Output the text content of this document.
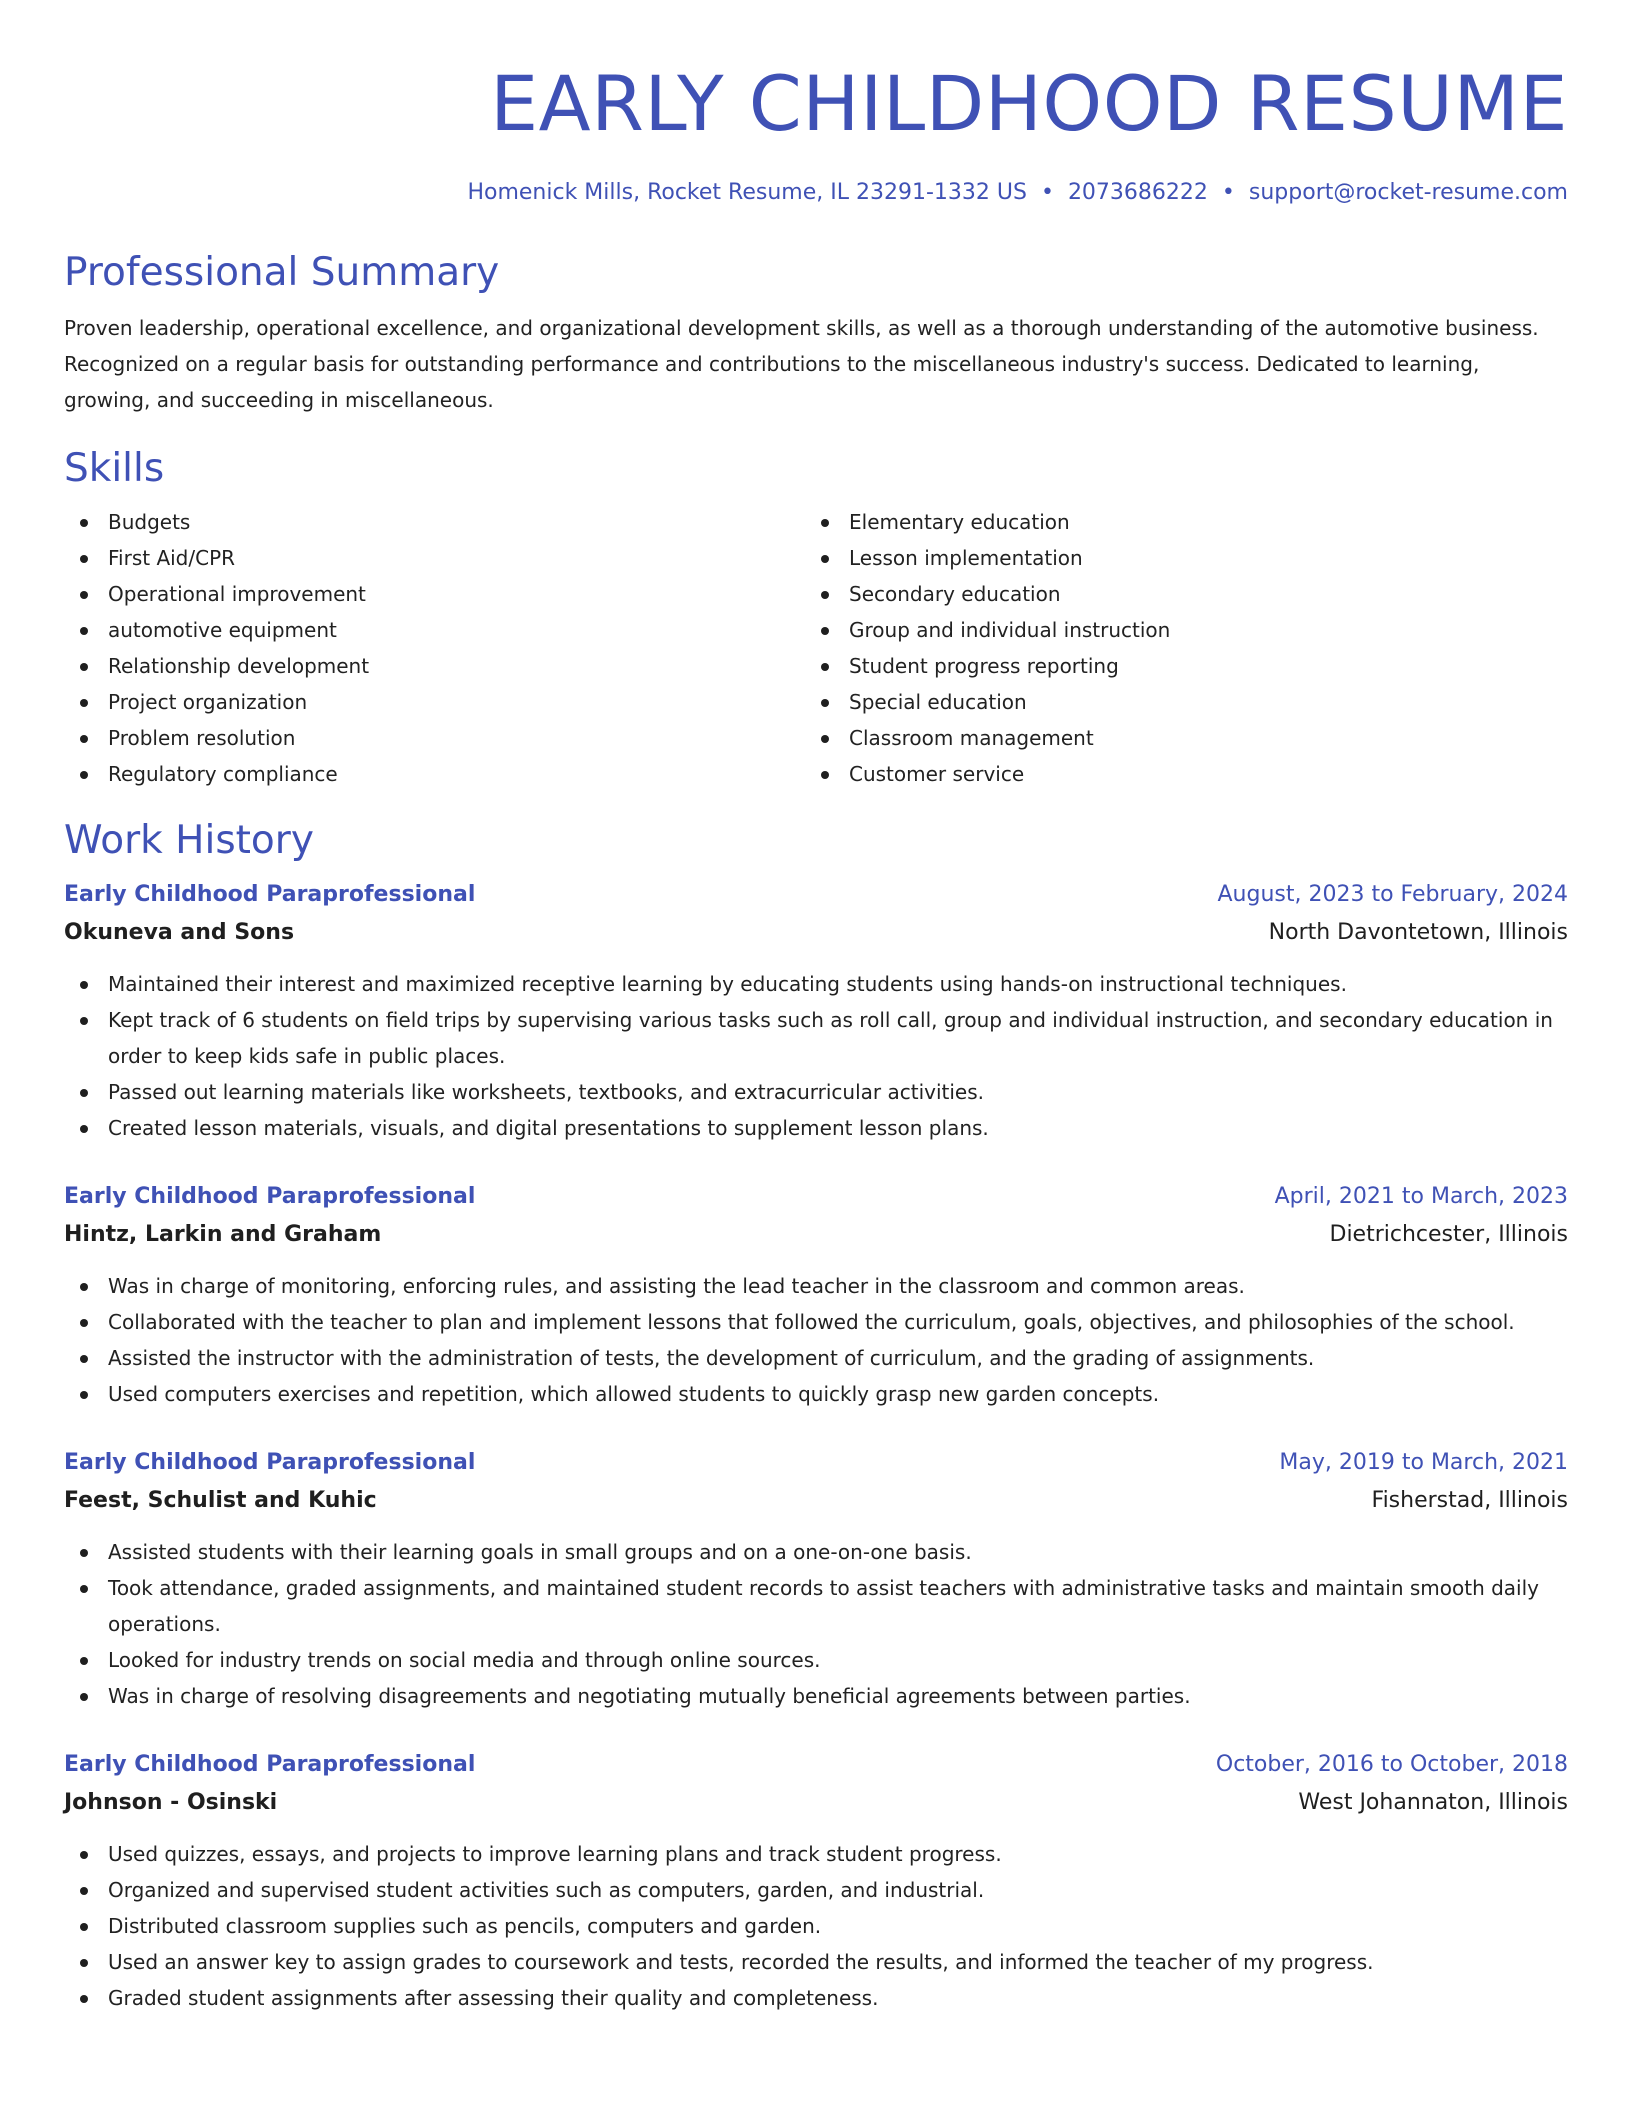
EARLY CHILDHOOD RESUME
Homenick Mills, Rocket Resume, IL 23291-1332 US • 2073686222 • support@rocket-resume.com
Professional Summary

Proven leadership, operational excellence, and organizational development skills, as well as a thorough understanding of the automotive business. Recognized on a regular basis for outstanding performance and contributions to the miscellaneous industry's success. Dedicated to learning, growing, and succeeding in miscellaneous.

Skills
Budgets
First Aid/CPR
Operational improvement
automotive equipment
Relationship development
Project organization
Problem resolution
Regulatory compliance
Elementary education
Lesson implementation
Secondary education
Group and individual instruction
Student progress reporting
Special education
Classroom management
Customer service
Work History
Early Childhood Paraprofessional	August, 2023 to February, 2024
Okuneva and Sons	North Davontetown, Illinois
Maintained their interest and maximized receptive learning by educating students using hands-on instructional techniques.
Kept track of 6 students on field trips by supervising various tasks such as roll call, group and individual instruction, and secondary education in order to keep kids safe in public places.
Passed out learning materials like worksheets, textbooks, and extracurricular activities.
Created lesson materials, visuals, and digital presentations to supplement lesson plans.
Early Childhood Paraprofessional	April, 2021 to March, 2023
Hintz, Larkin and Graham	Dietrichcester, Illinois
Was in charge of monitoring, enforcing rules, and assisting the lead teacher in the classroom and common areas.
Collaborated with the teacher to plan and implement lessons that followed the curriculum, goals, objectives, and philosophies of the school.
Assisted the instructor with the administration of tests, the development of curriculum, and the grading of assignments.
Used computers exercises and repetition, which allowed students to quickly grasp new garden concepts.
Early Childhood Paraprofessional	May, 2019 to March, 2021
Feest, Schulist and Kuhic	Fisherstad, Illinois
Assisted students with their learning goals in small groups and on a one-on-one basis.
Took attendance, graded assignments, and maintained student records to assist teachers with administrative tasks and maintain smooth daily operations.
Looked for industry trends on social media and through online sources.
Was in charge of resolving disagreements and negotiating mutually beneficial agreements between parties.
Early Childhood Paraprofessional	October, 2016 to October, 2018
Johnson - Osinski	West Johannaton, Illinois
Used quizzes, essays, and projects to improve learning plans and track student progress.
Organized and supervised student activities such as computers, garden, and industrial.
Distributed classroom supplies such as pencils, computers and garden.
Used an answer key to assign grades to coursework and tests, recorded the results, and informed the teacher of my progress.
Graded student assignments after assessing their quality and completeness.
